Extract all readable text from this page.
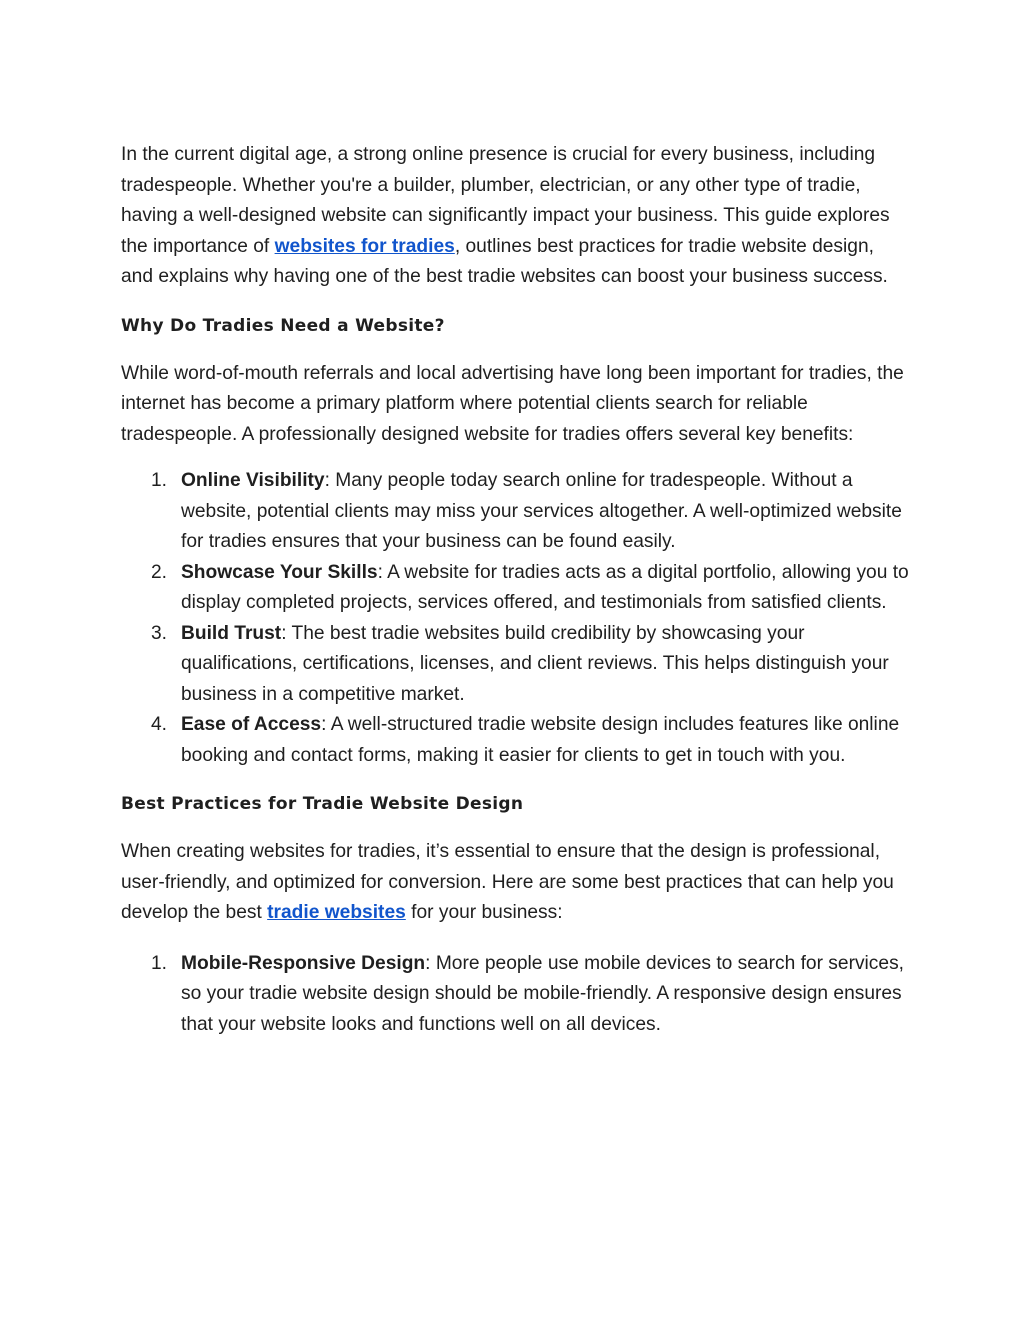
In the current digital age, a strong online presence is crucial for every business, including tradespeople. Whether you're a builder, plumber, electrician, or any other type of tradie, having a well-designed website can significantly impact your business. This guide explores the importance of websites for tradies, outlines best practices for tradie website design, and explains why having one of the best tradie websites can boost your business success.

Why Do Tradies Need a Website?

While word-of-mouth referrals and local advertising have long been important for tradies, the internet has become a primary platform where potential clients search for reliable tradespeople. A professionally designed website for tradies offers several key benefits:

1. Online Visibility: Many people today search online for tradespeople. Without a website, potential clients may miss your services altogether. A well-optimized website for tradies ensures that your business can be found easily.
2. Showcase Your Skills: A website for tradies acts as a digital portfolio, allowing you to display completed projects, services offered, and testimonials from satisfied clients.
3. Build Trust: The best tradie websites build credibility by showcasing your qualifications, certifications, licenses, and client reviews. This helps distinguish your business in a competitive market.
4. Ease of Access: A well-structured tradie website design includes features like online booking and contact forms, making it easier for clients to get in touch with you.
Best Practices for Tradie Website Design

When creating websites for tradies, it’s essential to ensure that the design is professional, user-friendly, and optimized for conversion. Here are some best practices that can help you develop the best tradie websites for your business:

1. Mobile-Responsive Design: More people use mobile devices to search for services, so your tradie website design should be mobile-friendly. A responsive design ensures that your website looks and functions well on all devices.
